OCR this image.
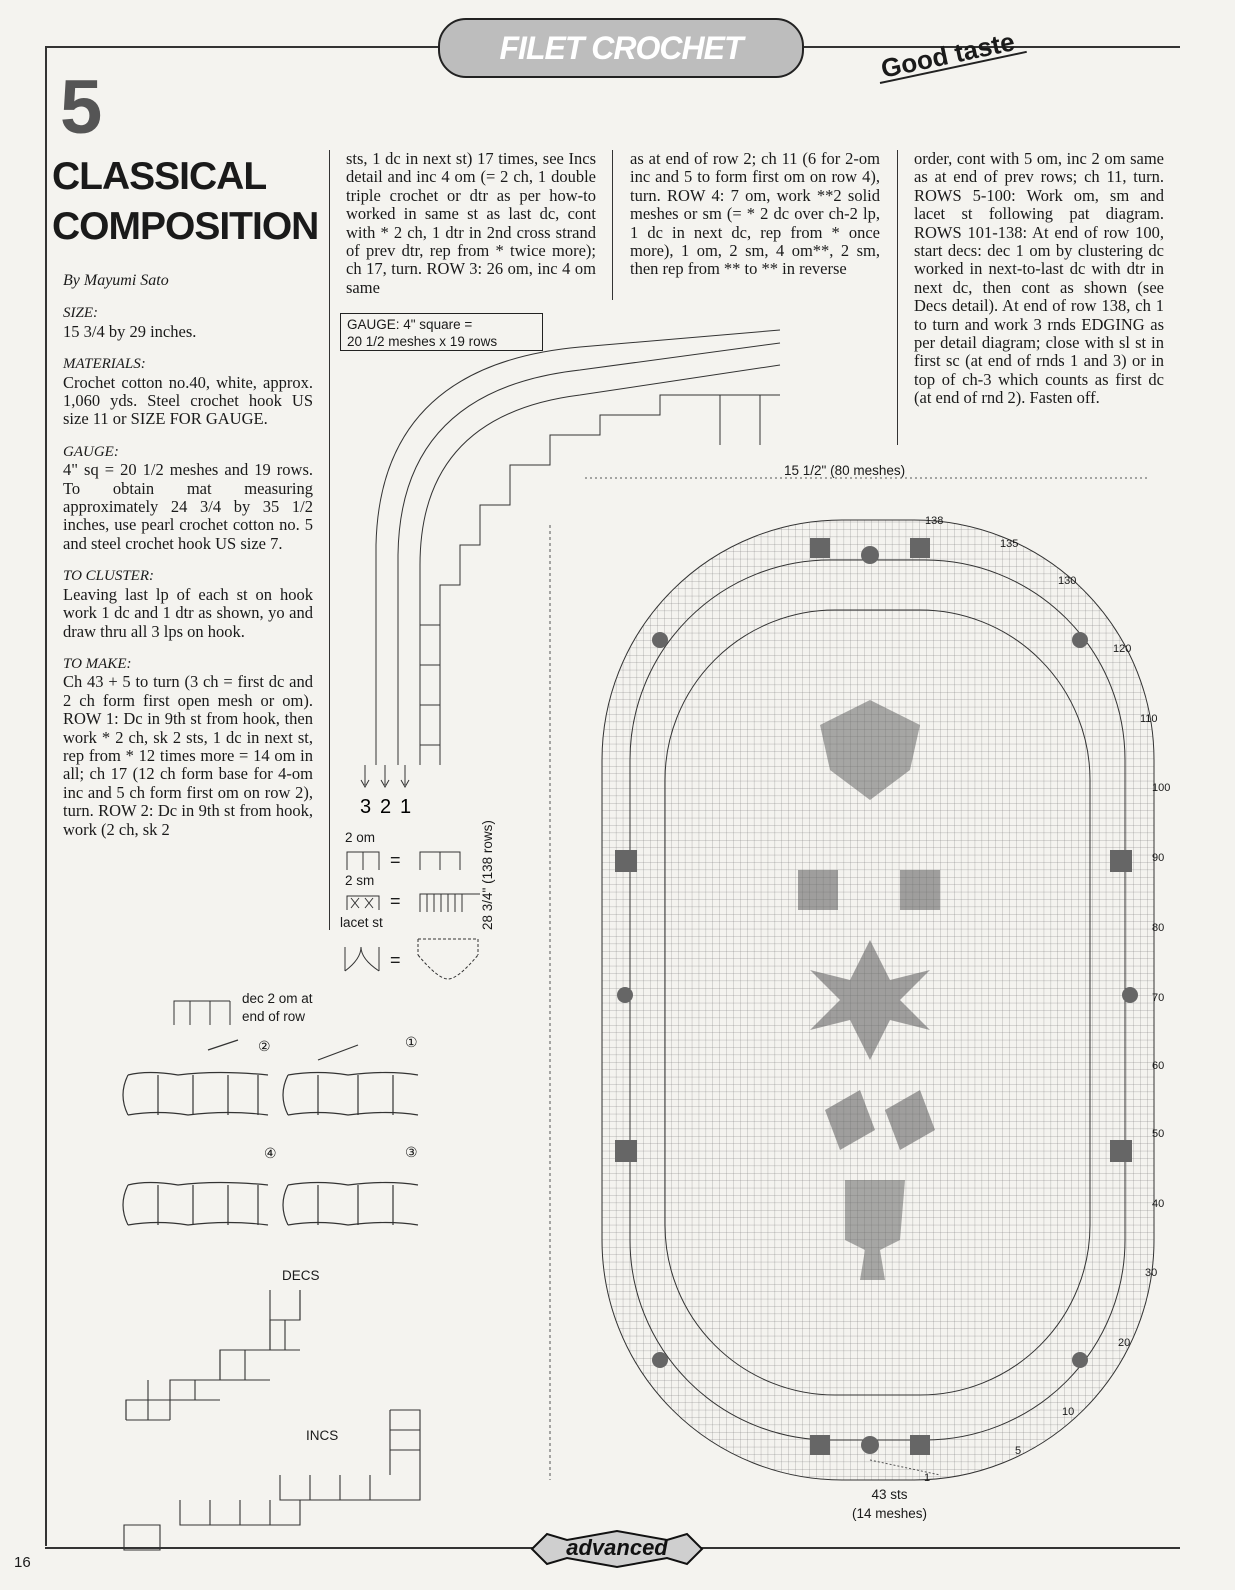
FILET CROCHET	Good taste
5
CLASSICAL
COMPOSITION
By Mayumi Sato
SIZE:
15 3/4 by 29 inches.
MATERIALS:
Crochet cotton no.40, white, approx. 1,060 yds. Steel crochet hook US size 11 or SIZE FOR GAUGE.
GAUGE:
4" sq = 20 1/2 meshes and 19 rows. To obtain mat measuring approximately 24 3/4 by 35 1/2 inches, use pearl crochet cotton no. 5 and steel crochet hook US size 7.
TO CLUSTER:
Leaving last lp of each st on hook work 1 dc and 1 dtr as shown, yo and draw thru all 3 lps on hook.
TO MAKE:
Ch 43 + 5 to turn (3 ch = first dc and 2 ch form first open mesh or om). ROW 1: Dc in 9th st from hook, then work * 2 ch, sk 2 sts, 1 dc in next st, rep from * 12 times more = 14 om in all; ch 17 (12 ch form base for 4-om inc and 5 ch form first om on row 2), turn. ROW 2: Dc in 9th st from hook, work (2 ch, sk 2
sts, 1 dc in next st) 17 times, see Incs detail and inc 4 om (= 2 ch, 1 double triple crochet or dtr as per how-to worked in same st as last dc, cont with * 2 ch, 1 dtr in 2nd cross strand of prev dtr, rep from * twice more); ch 17, turn. ROW 3: 26 om, inc 4 om same
as at end of row 2; ch 11 (6 for 2-om inc and 5 to form first om on row 4), turn. ROW 4: 7 om, work **2 solid meshes or sm (= * 2 dc over ch-2 lp, 1 dc in next dc, rep from * once more), 1 om, 2 sm, 4 om**, 2 sm, then rep from ** to ** in reverse
order, cont with 5 om, inc 2 om same as at end of prev rows; ch 11, turn. ROWS 5-100: Work om, sm and lacet st following pat diagram. ROWS 101-138: At end of row 100, start decs: dec 1 om by clustering dc worked in next-to-last dc with dtr in next dc, then cont as shown (see Decs detail). At end of row 138, ch 1 to turn and work 3 rnds EDGING as per detail diagram; close with sl st in first sc (at end of rnds 1 and 3) or in top of ch-3 which counts as first dc (at end of rnd 2). Fasten off.
GAUGE: 4" square =
20 1/2 meshes x 19 rows
3 2 1
2 om
=
2 sm
=
lacet st
=
dec 2 om at
end of row
②	①
④	③
DECS
INCS
15 1/2" (80 meshes)
28 3/4" (138 rows)
138
135
130
120
110
100
90
80
70
60
50
40
30
20
10
5
1
43 sts
(14 meshes)
16
advanced
